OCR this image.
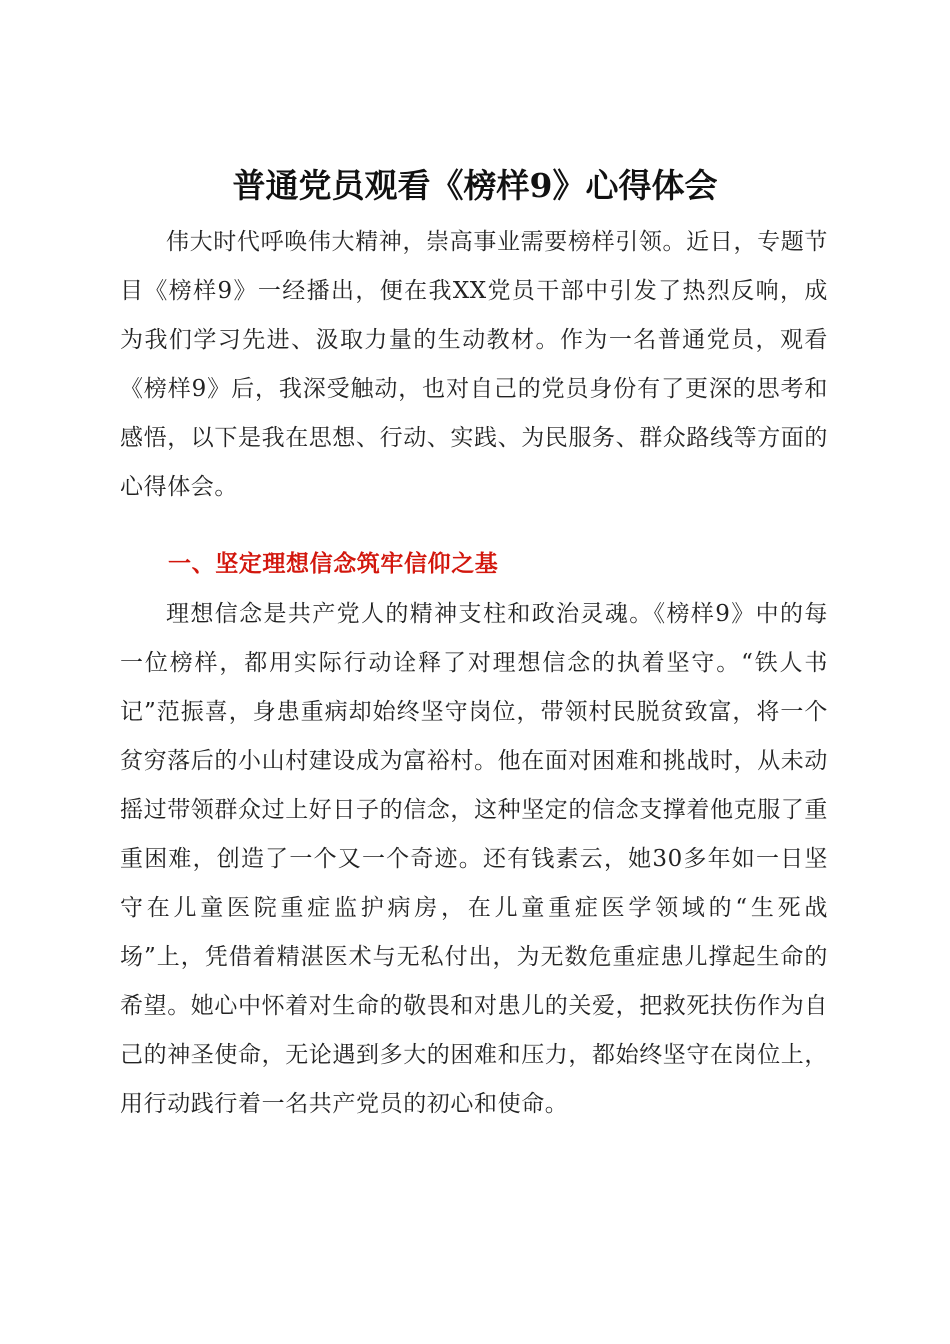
普通党员观看《榜样9》心得体会

伟大时代呼唤伟大精神，崇高事业需要榜样引领。近日，专题节目《榜样9》一经播出，便在我XX党员干部中引发了热烈反响，成为我们学习先进、汲取力量的生动教材。作为一名普通党员，观看《榜样9》后，我深受触动，也对自己的党员身份有了更深的思考和感悟，以下是我在思想、行动、实践、为民服务、群众路线等方面的心得体会。

一、坚定理想信念筑牢信仰之基

理想信念是共产党人的精神支柱和政治灵魂。《榜样9》中的每一位榜样，都用实际行动诠释了对理想信念的执着坚守。“铁人书记”范振喜，身患重病却始终坚守岗位，带领村民脱贫致富，将一个贫穷落后的小山村建设成为富裕村。他在面对困难和挑战时，从未动摇过带领群众过上好日子的信念，这种坚定的信念支撑着他克服了重重困难，创造了一个又一个奇迹。还有钱素云，她30多年如一日坚守在儿童医院重症监护病房，在儿童重症医学领域的“生死战场”上，凭借着精湛医术与无私付出，为无数危重症患儿撑起生命的希望。她心中怀着对生命的敬畏和对患儿的关爱，把救死扶伤作为自己的神圣使命，无论遇到多大的困难和压力，都始终坚守在岗位上，用行动践行着一名共产党员的初心和使命。
